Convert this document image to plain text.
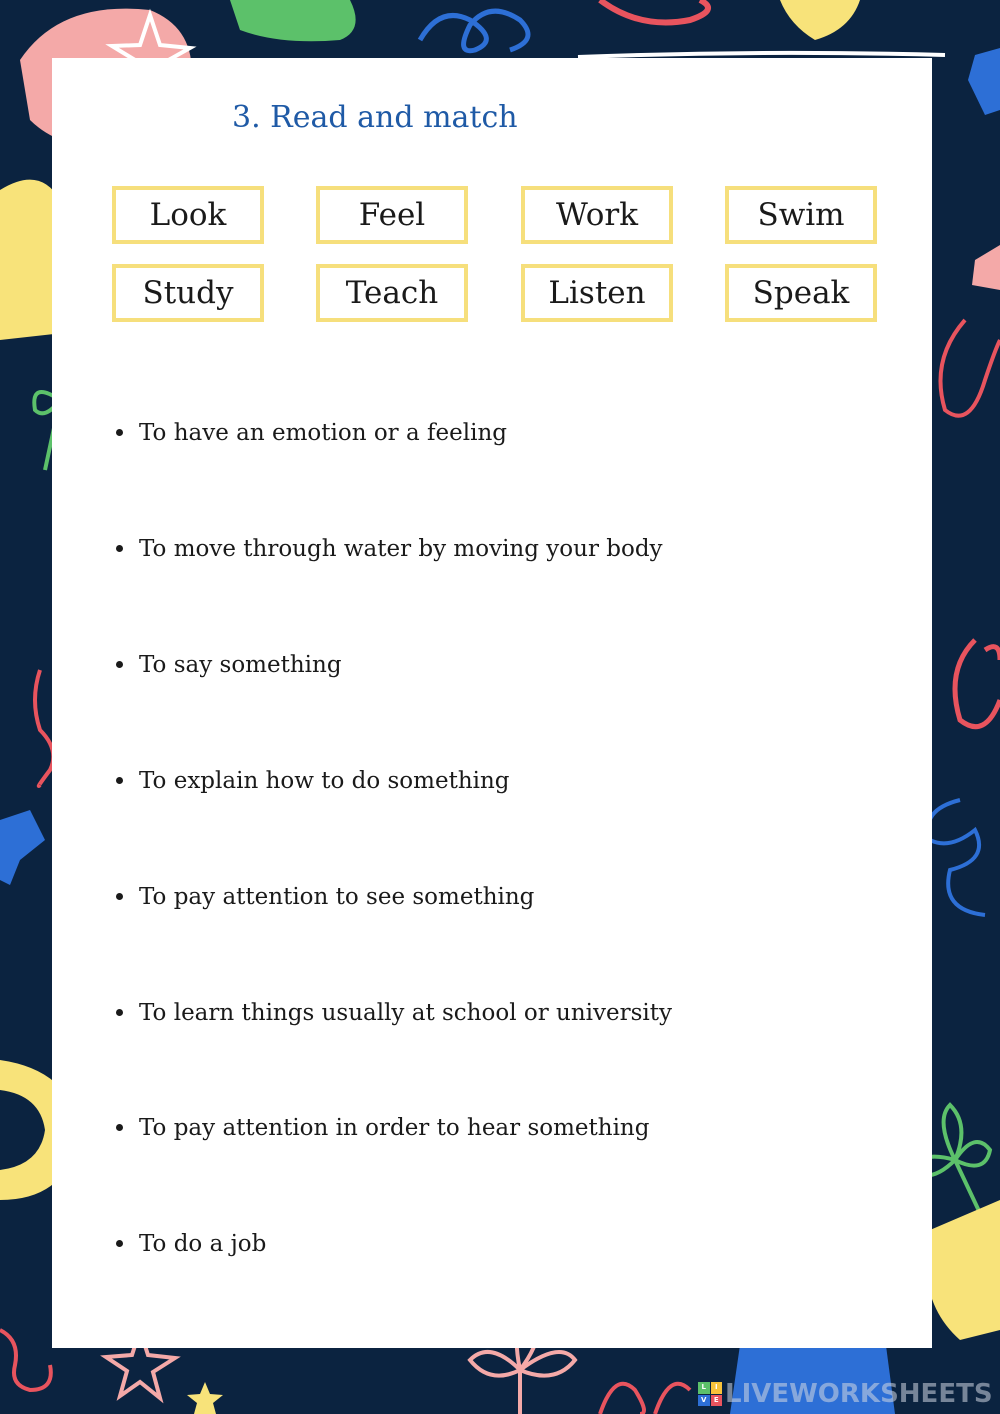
3. Read and match
Look	Feel	Work	Swim
Study	Teach	Listen	Speak
To have an emotion or a feeling
To move through water by moving your body
To say something
To explain how to do something
To pay attention to see something
To learn things usually at school or university
To pay attention in order to hear something
To do a job
L	I
V	E LIVEWORKSHEETS
